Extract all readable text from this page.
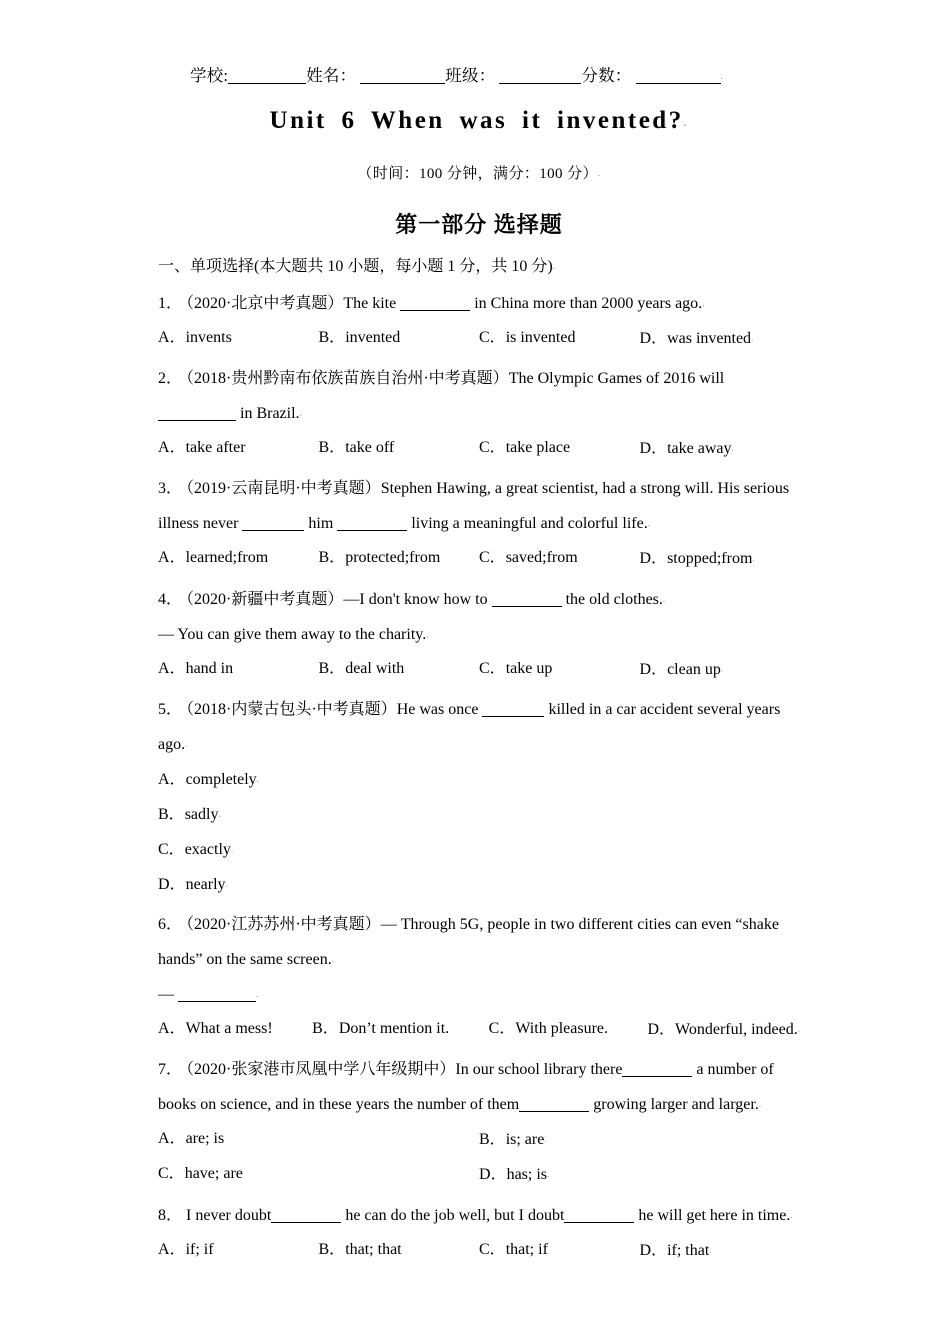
学校:	姓名：	班级：	分数：	.
Unit 6 When was it invented?.
（时间：100 分钟，满分：100 分）.
第一部分 选择题
一、单项选择(本大题共 10 小题，每小题 1 分，共 10 分).
1． （2020·北京中考真题）The kite	in China more than 2000 years ago..
A ． invents	B ． invented	C ． is invented	D ． was invented.
2． （2018·贵州黔南布依族苗族自治州·中考真题）The Olympic Games of 2016 will
in Brazil..
A ． take after	B ． take off	C ． take place	D ． take away.
3． （2019·云南昆明·中考真题）Stephen Hawing, a great scientist, had a strong will. His serious illness never	him	living a meaningful and colorful life..
A ． learned;from	B ． protected;from	C ． saved;from	D ． stopped;from.
4． （2020·新疆中考真题）—I don't know how to	the old clothes..
— You can give them away to the charity..
A ． hand in	B ． deal with	C ． take up	D ． clean up.
5． （2018·内蒙古包头·中考真题）He was once	killed in a car accident several years ago..
A ． completely.
B ． sadly.
C ． exactly.
D ． nearly.
6． （2020·江苏苏州·中考真题）— Through 5G, people in two different cities can even “shake hands” on the same screen..
—	.
A ． What a mess! B ． Don’t mention it. C ． With pleasure. D ． Wonderful, indeed..
7． （2020·张家港市凤凰中学八年级期中）In our school library there	a number of books on science, and in these years the number of them	growing larger and larger..
A ． are; is	B ． is; are.
C ． have; are	D ． has; is.
8． I never doubt	he can do the job well, but I doubt	he will get here in time..
A ． if; if	B ． that; that	C ． that; if	D ． if; that.
